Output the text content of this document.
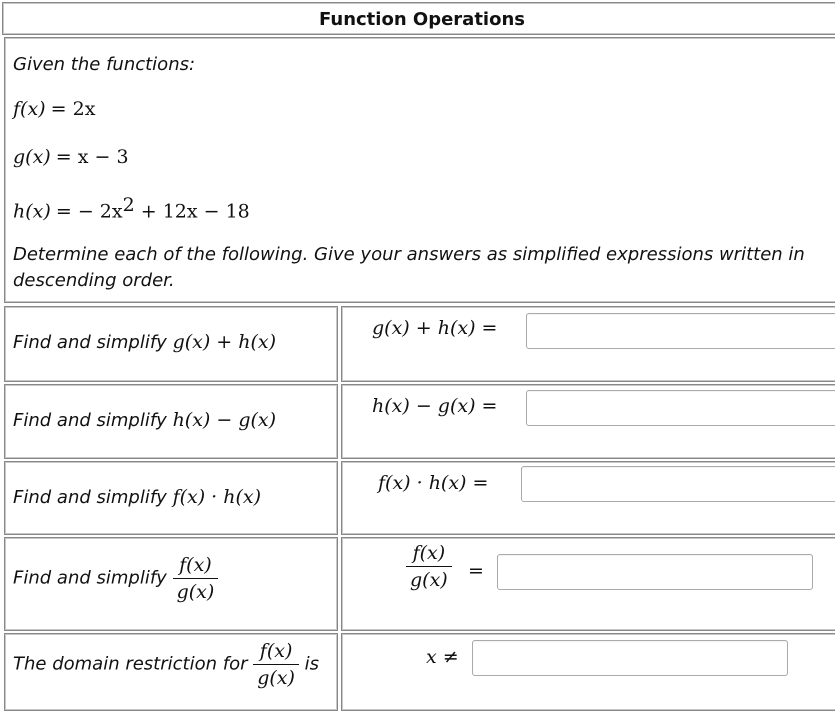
Function Operations
Given the functions:
f(x) = 2x
g(x) = x − 3
h(x) = − $2x^2 + 12x - 18$
Determine each of the following. Give your answers as simplified expressions written in descending order.
Find and simplify g(x) + h(x)
g(x) + h(x) =
Find and simplify h(x) − g(x)
h(x) − g(x) =
Find and simplify f(x) · h(x)
f(x) · h(x) =
Find and simplify $\frac{f(x)}{g(x)}$	$\frac{f(x)}{g(x)}$ =
The domain restriction for $\frac{f(x)}{g(x)}$ is	x ≠
